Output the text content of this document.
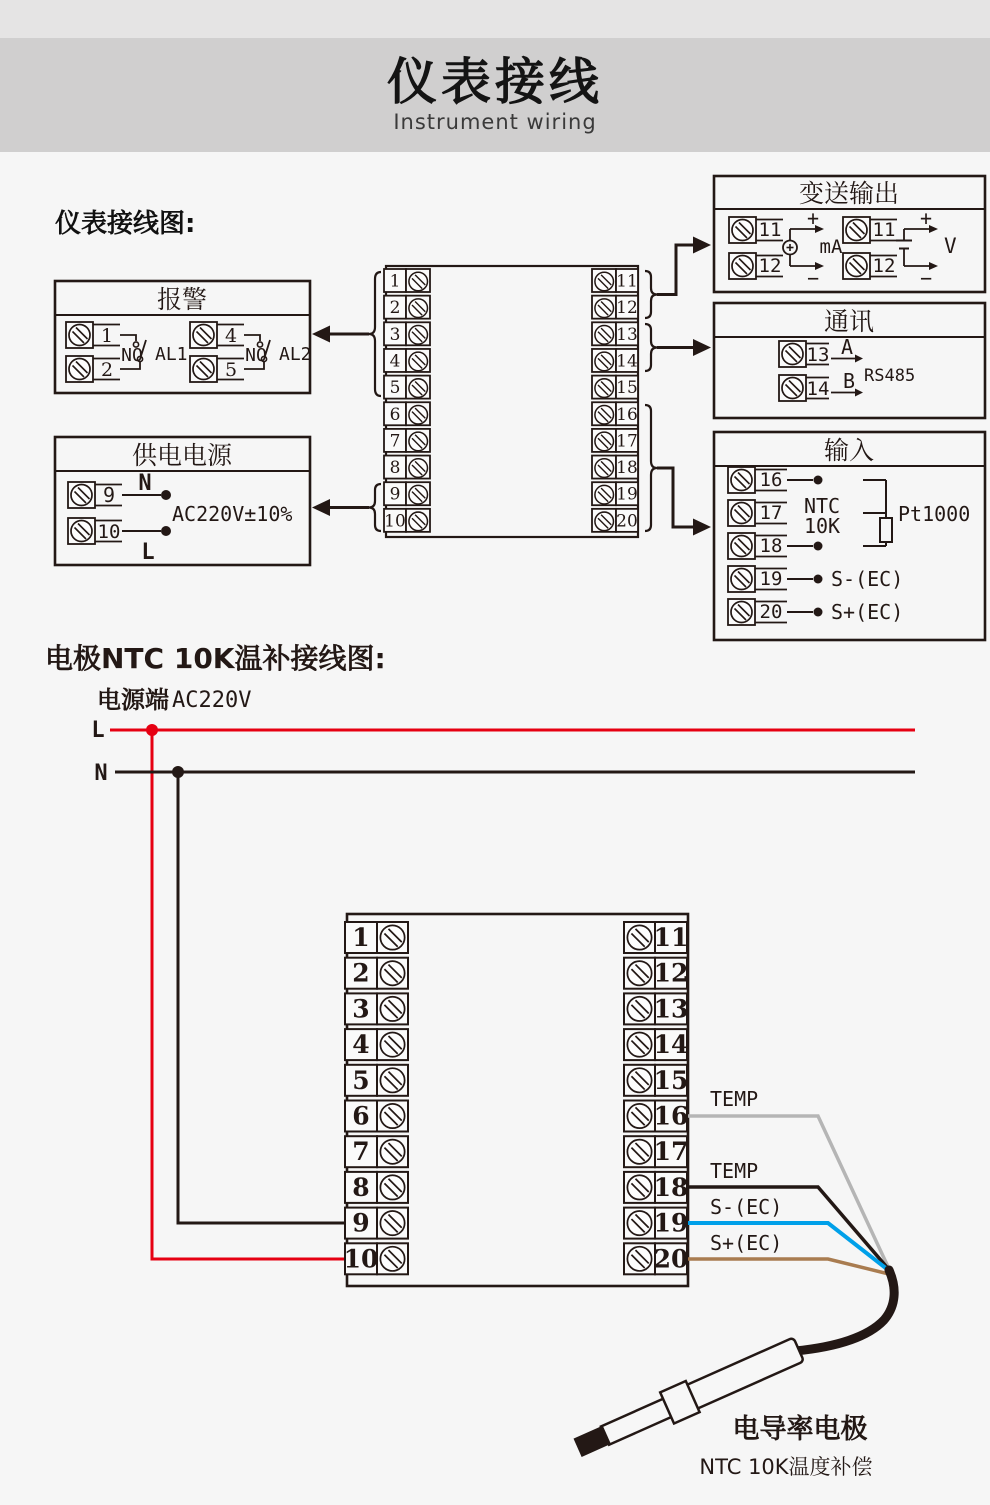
仪表接线
Instrument wiring
仪表接线图:
1
2
3
4
5
6
7
8
9
10
11
12
13
14
15
16
17
18
19
20
变送输出
11
12
+
−
mA
11
12
+
−
V
报警
1
2
NO AL1
4
5
NO AL2
通讯
13 A
14 B RS485
供电电源
9 N
10
L
AC220V±10%
输入
16
17 NTC
10K
18
Pt1000
19 S-(EC)
20 S+(EC)
电极NTC 10K温补接线图:
电源端 AC220V
L
N
1
2
3
4
5
6
7
8
9
10
11
12
13
14
15
16
17
18
19
20
TEMP
TEMP
S-(EC)
S+(EC)
电导率电极
NTC 10K温度补偿
